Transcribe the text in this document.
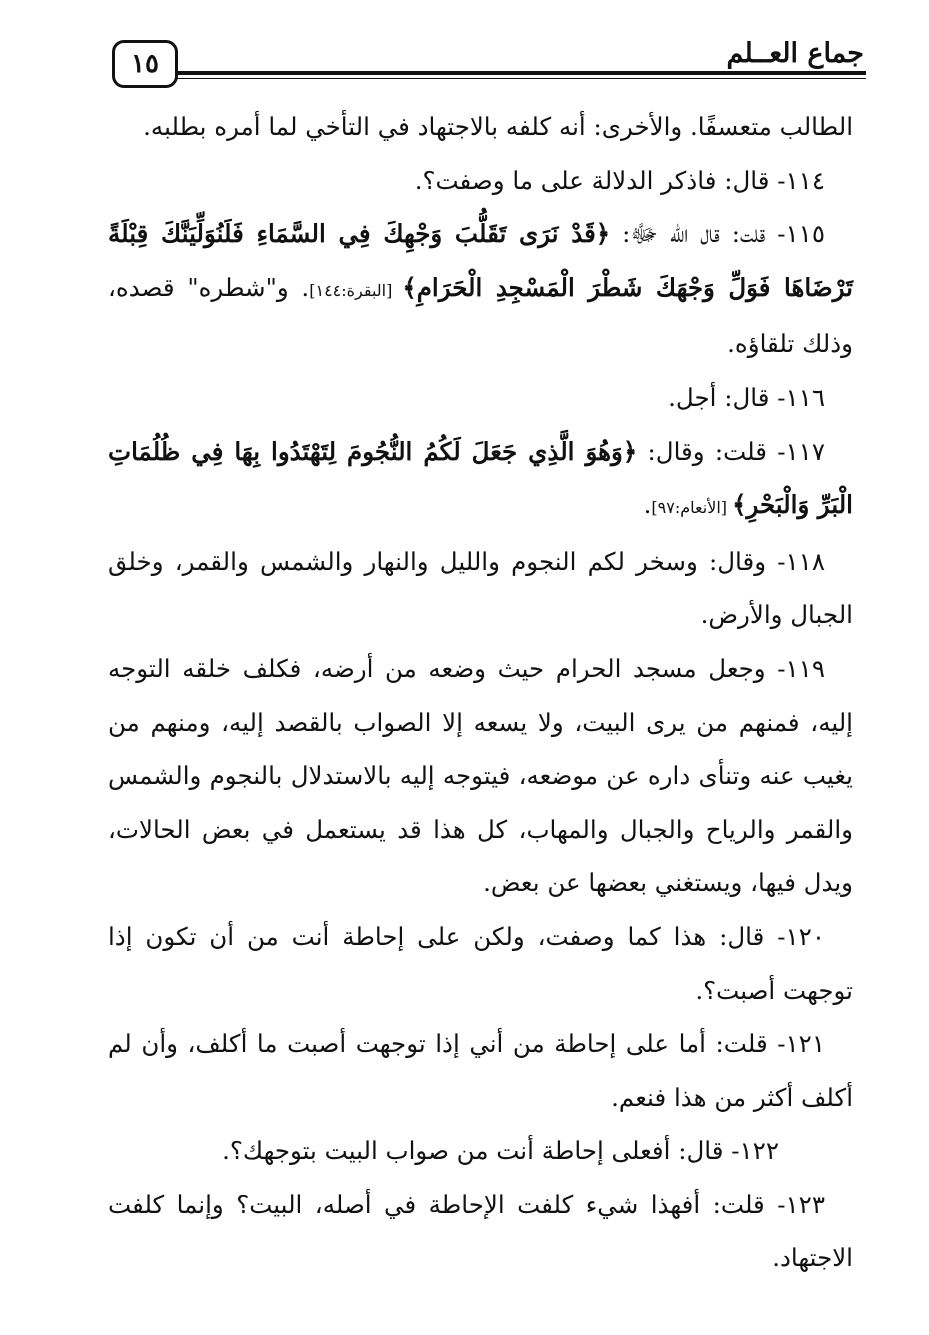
١٥	جماع العــلم

الطالب متعسفًا. والأخرى: أنه كلفه بالاجتهاد في التأخي لما أمره بطلبه.

١١٤- قال: فاذكر الدلالة على ما وصفت؟.

١١٥- قلت: قال الله ﷻ: ﴿قَدْ نَرَى تَقَلُّبَ وَجْهِكَ فِي السَّمَاءِ فَلَنُوَلِّيَنَّكَ قِبْلَةً تَرْضَاهَا فَوَلِّ وَجْهَكَ شَطْرَ الْمَسْجِدِ الْحَرَامِ﴾ [البقرة:١٤٤]. و"شطره" قصده، وذلك تلقاؤه.

١١٦- قال: أجل.

١١٧- قلت: وقال: ﴿وَهُوَ الَّذِي جَعَلَ لَكُمُ النُّجُومَ لِتَهْتَدُوا بِهَا فِي ظُلُمَاتِ الْبَرِّ وَالْبَحْرِ﴾ [الأنعام:٩٧].

١١٨- وقال: وسخر لكم النجوم والليل والنهار والشمس والقمر، وخلق الجبال والأرض.

١١٩- وجعل مسجد الحرام حيث وضعه من أرضه، فكلف خلقه التوجه إليه، فمنهم من يرى البيت، ولا يسعه إلا الصواب بالقصد إليه، ومنهم من يغيب عنه وتنأى داره عن موضعه، فيتوجه إليه بالاستدلال بالنجوم والشمس والقمر والرياح والجبال والمهاب، كل هذا قد يستعمل في بعض الحالات، ويدل فيها، ويستغني بعضها عن بعض.

١٢٠- قال: هذا كما وصفت، ولكن على إحاطة أنت من أن تكون إذا توجهت أصبت؟.

١٢١- قلت: أما على إحاطة من أني إذا توجهت أصبت ما أكلف، وأن لم أكلف أكثر من هذا فنعم.

١٢٢- قال: أفعلى إحاطة أنت من صواب البيت بتوجهك؟.

١٢٣- قلت: أفهذا شيء كلفت الإحاطة في أصله، البيت؟ وإنما كلفت الاجتهاد.
